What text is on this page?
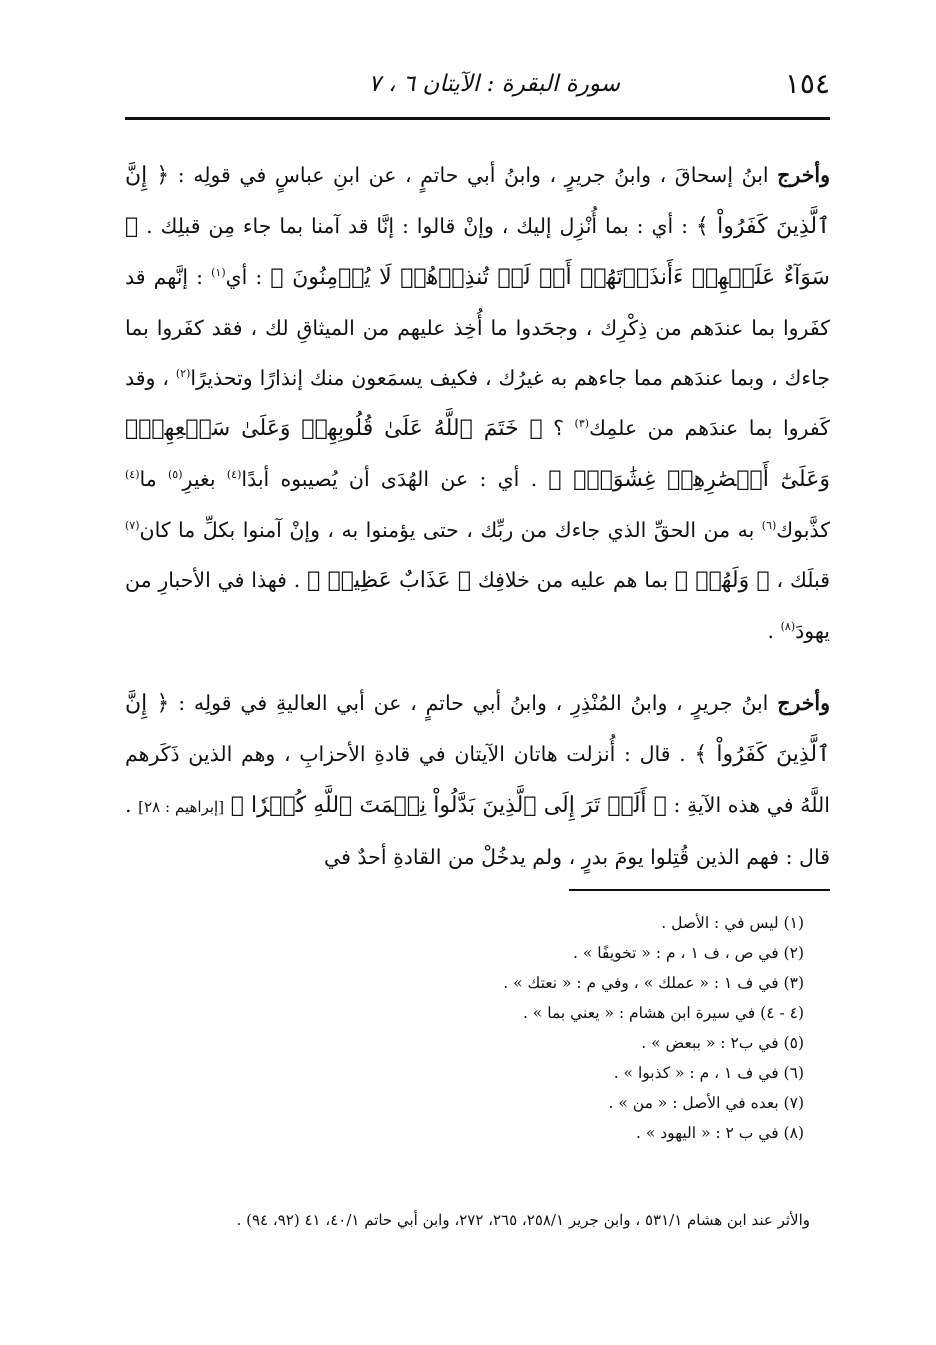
١٥٤
سورة البقرة : الآيتان ٦ ، ٧

وأخرج ابنُ إسحاقَ ، وابنُ جريرٍ ، وابنُ أبي حاتمٍ ، عن ابنِ عباسٍ في قولِه : ﴿ إِنَّ ٱلَّذِينَ كَفَرُواْ ﴾ : أي : بما أُنْزِل إليك ، وإنْ قالوا : إنَّا قد آمنا بما جاء مِن قبلِك . ﴿ سَوَآءٌ عَلَيۡهِمۡ ءَأَنذَرۡتَهُمۡ أَمۡ لَمۡ تُنذِرۡهُمۡ لَا يُؤۡمِنُونَ ﴾ : أي$^{(١)}$ : إنَّهم قد كفَروا بما عندَهم من ذِكْرِك ، وجحَدوا ما أُخِذ عليهم من الميثاقِ لك ، فقد كفَروا بما جاءك ، وبما عندَهم مما جاءهم به غيرُك ، فكيف يسمَعون منك إنذارًا وتحذيرًا$^{(٢)}$ ، وقد كَفروا بما عندَهم من علمِك$^{(٣)}$ ؟ ﴿ خَتَمَ ٱللَّهُ عَلَىٰ قُلُوبِهِمۡ وَعَلَىٰ سَمۡعِهِمۡۖ وَعَلَىٰٓ أَبۡصَٰرِهِمۡ غِشَٰوَةٞۖ ﴾ . أي : عن الهُدَى أن يُصيبوه أبدًا$^{(٤)}$ بغيرِ$^{(٥)}$ ما$^{(٤)}$ كذَّبوك$^{(٦)}$ به من الحقِّ الذي جاءك من ربِّك ، حتى يؤمنوا به ، وإنْ آمنوا بكلِّ ما كان$^{(٧)}$ قبلَك ، ﴿ وَلَهُمۡ ﴾ بما هم عليه من خلافِك ﴿ عَذَابٌ عَظِيمٞ ﴾ . فهذا في الأحبارِ من يهودَ$^{(٨)}$ .

وأخرج ابنُ جريرٍ ، وابنُ المُنْذِرِ ، وابنُ أبي حاتمٍ ، عن أبي العاليةِ في قولِه : ﴿ إِنَّ ٱلَّذِينَ كَفَرُواْ ﴾ . قال : أُنزلت هاتان الآيتان في قادةِ الأحزابِ ، وهم الذين ذَكَرهم اللَّهُ في هذه الآيةِ : ﴿ أَلَمۡ تَرَ إِلَى ٱلَّذِينَ بَدَّلُواْ نِعۡمَتَ ٱللَّهِ كُفۡرٗا ﴾ [إبراهيم : ٢٨] . قال : فهم الذين قُتِلوا يومَ بدرٍ ، ولم يدخُلْ من القادةِ أحدٌ في

(١) ليس في : الأصل .
(٢) في ص ، ف ١ ، م : « تخويفًا » .
(٣) في ف ١ : « عملك » ، وفي م : « نعتك » .
(٤ - ٤) في سيرة ابن هشام : « يعني بما » .
(٥) في ب٢ : « ببعض » .
(٦) في ف ١ ، م : « كذبوا » .
(٧) بعده في الأصل : « من » .
(٨) في ب ٢ : « اليهود » .
والأثر عند ابن هشام ٥٣١/١ ، وابن جرير ٢٥٨/١، ٢٦٥، ٢٧٢، وابن أبي حاتم ٤٠/١، ٤١ (٩٢، ٩٤) .
